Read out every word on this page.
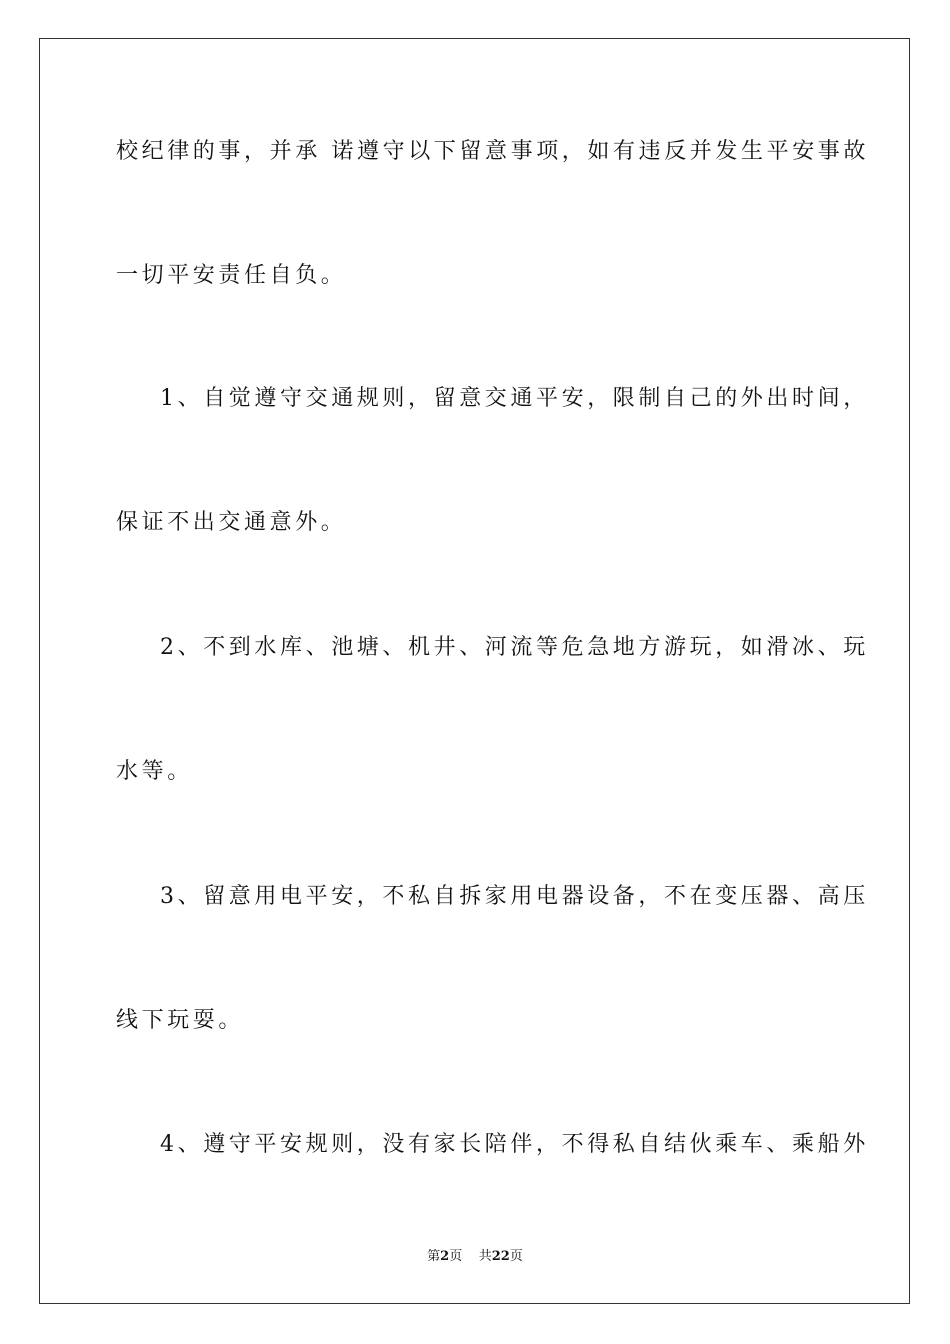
校纪律的事，并承 诺遵守以下留意事项，如有违反并发生平安事故
一切平安责任自负。
1、自觉遵守交通规则，留意交通平安，限制自己的外出时间，
保证不出交通意外。
2、不到水库、池塘、机井、河流等危急地方游玩，如滑冰、玩
水等。
3、留意用电平安，不私自拆家用电器设备，不在变压器、高压
线下玩耍。
4、遵守平安规则，没有家长陪伴，不得私自结伙乘车、乘船外
第2页 共22页
